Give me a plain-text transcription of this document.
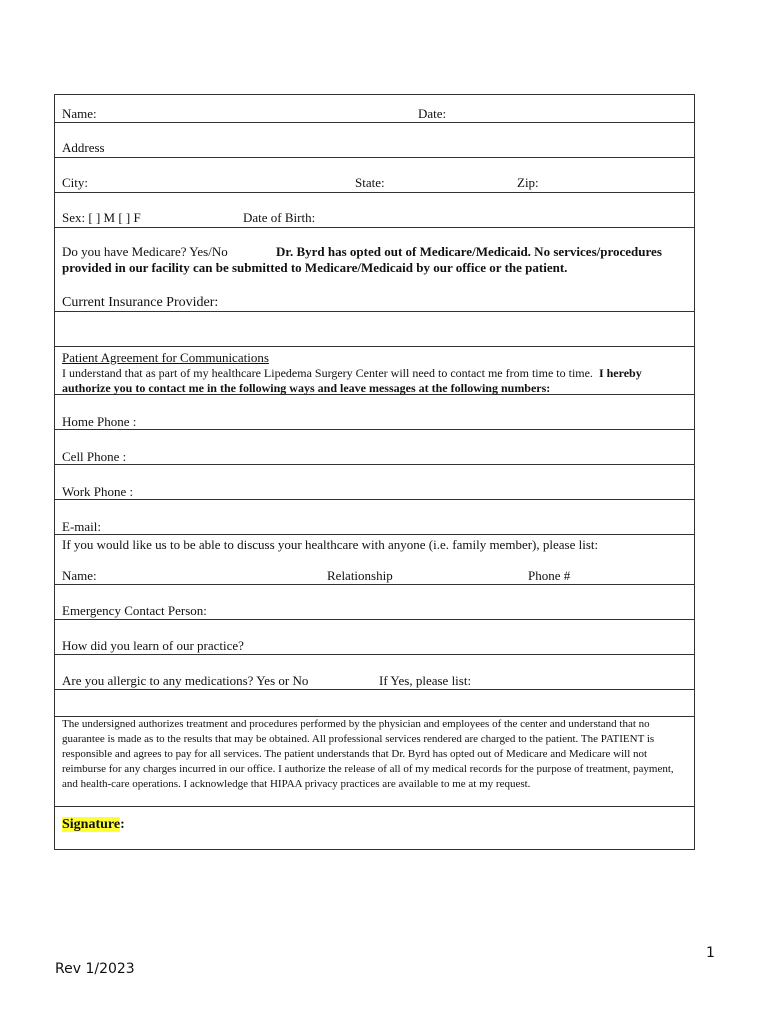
Name:	Date:
Address
City:	State:	Zip:
Sex: [ ] M [ ] F	Date of Birth:
Do you have Medicare? Yes/No	Dr. Byrd has opted out of Medicare/Medicaid. No services/procedures
provided in our facility can be submitted to Medicare/Medicaid by our office or the patient.
Current Insurance Provider:
Patient Agreement for Communications
I understand that as part of my healthcare Lipedema Surgery Center will need to contact me from time to time. I hereby
authorize you to contact me in the following ways and leave messages at the following numbers:
Home Phone :
Cell Phone :
Work Phone :
E-mail:
If you would like us to be able to discuss your healthcare with anyone (i.e. family member), please list:
Name:	Relationship	Phone #
Emergency Contact Person:
How did you learn of our practice?
Are you allergic to any medications? Yes or No	If Yes, please list:
The undersigned authorizes treatment and procedures performed by the physician and employees of the center and understand that no guarantee is made as to the results that may be obtained. All professional services rendered are charged to the patient. The PATIENT is responsible and agrees to pay for all services. The patient understands that Dr. Byrd has opted out of Medicare and Medicare will not reimburse for any charges incurred in our office. I authorize the release of all of my medical records for the purpose of treatment, payment, and health-care operations. I acknowledge that HIPAA privacy practices are available to me at my request.
Signature:
1
Rev 1/2023
